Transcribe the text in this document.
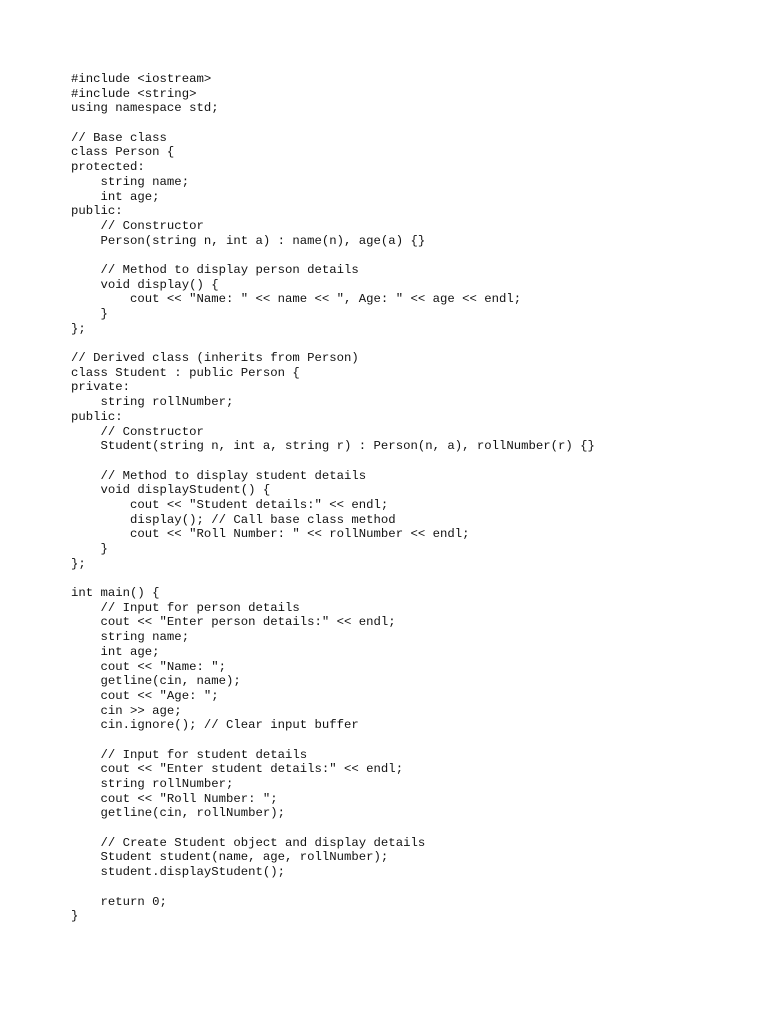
#include <iostream>
#include <string>
using namespace std;
// Base class
class Person {
protected:
string name;
int age;
public:
// Constructor
Person(string n, int a) : name(n), age(a) {}
// Method to display person details
void display() {
cout << "Name: " << name << ", Age: " << age << endl;
}
};
// Derived class (inherits from Person)
class Student : public Person {
private:
string rollNumber;
public:
// Constructor
Student(string n, int a, string r) : Person(n, a), rollNumber(r) {}
// Method to display student details
void displayStudent() {
cout << "Student details:" << endl;
display(); // Call base class method
cout << "Roll Number: " << rollNumber << endl;
}
};
int main() {
// Input for person details
cout << "Enter person details:" << endl;
string name;
int age;
cout << "Name: ";
getline(cin, name);
cout << "Age: ";
cin >> age;
cin.ignore(); // Clear input buffer
// Input for student details
cout << "Enter student details:" << endl;
string rollNumber;
cout << "Roll Number: ";
getline(cin, rollNumber);
// Create Student object and display details
Student student(name, age, rollNumber);
student.displayStudent();
return 0;
}
